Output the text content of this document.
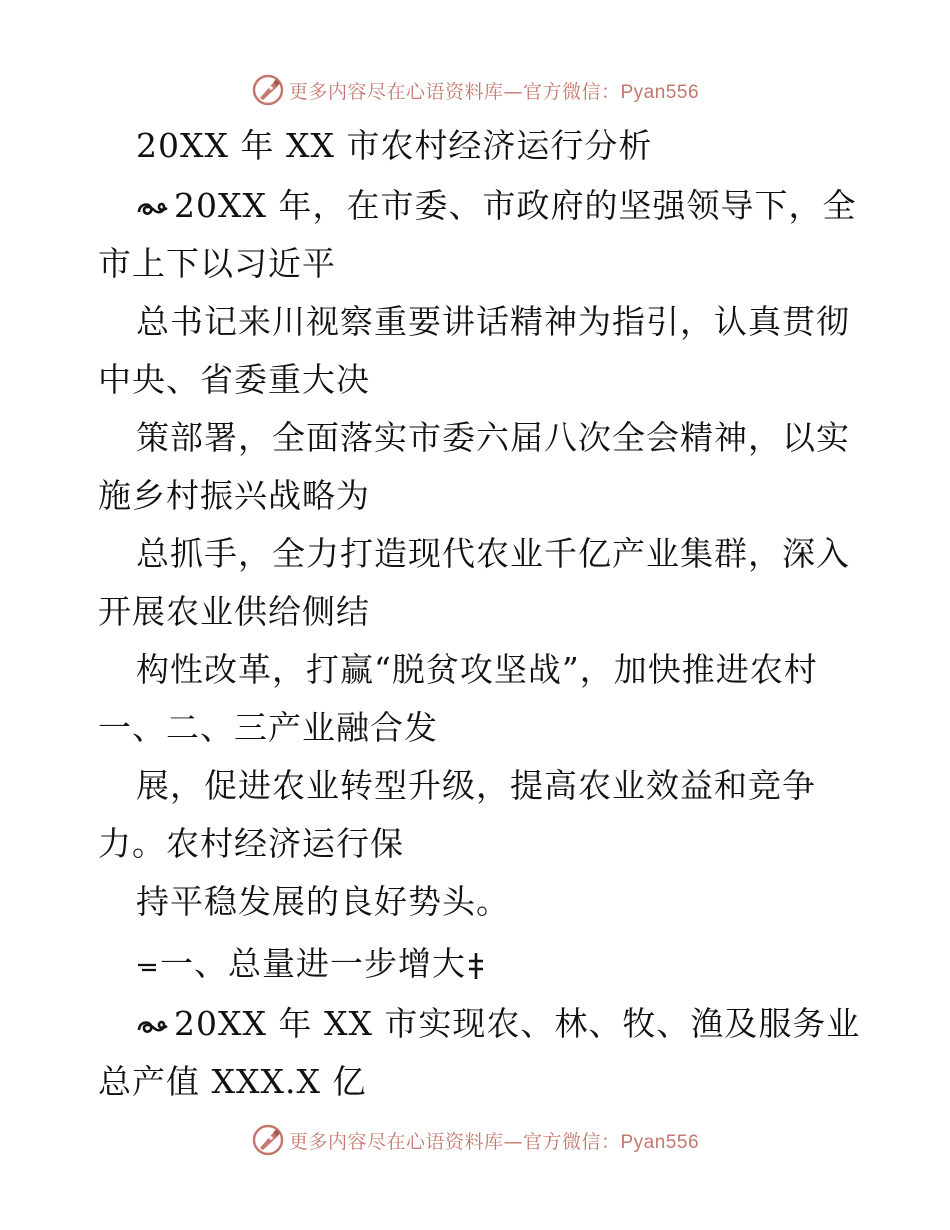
更多内容尽在心语资料库—官方微信：Pyan556
20XX 年 XX 市农村经济运行分析
20XX 年，在市委、市政府的坚强领导下，全
市上下以习近平
总书记来川视察重要讲话精神为指引，认真贯彻
中央、省委重大决
策部署，全面落实市委六届八次全会精神，以实
施乡村振兴战略为
总抓手，全力打造现代农业千亿产业集群，深入
开展农业供给侧结
构性改革，打赢“脱贫攻坚战”，加快推进农村
一、二、三产业融合发
展，促进农业转型升级，提高农业效益和竞争
力。农村经济运行保
持平稳发展的良好势头。
一、总量进一步增大
20XX 年 XX 市实现农、林、牧、渔及服务业
总产值 XXX.X 亿
更多内容尽在心语资料库—官方微信：Pyan556
